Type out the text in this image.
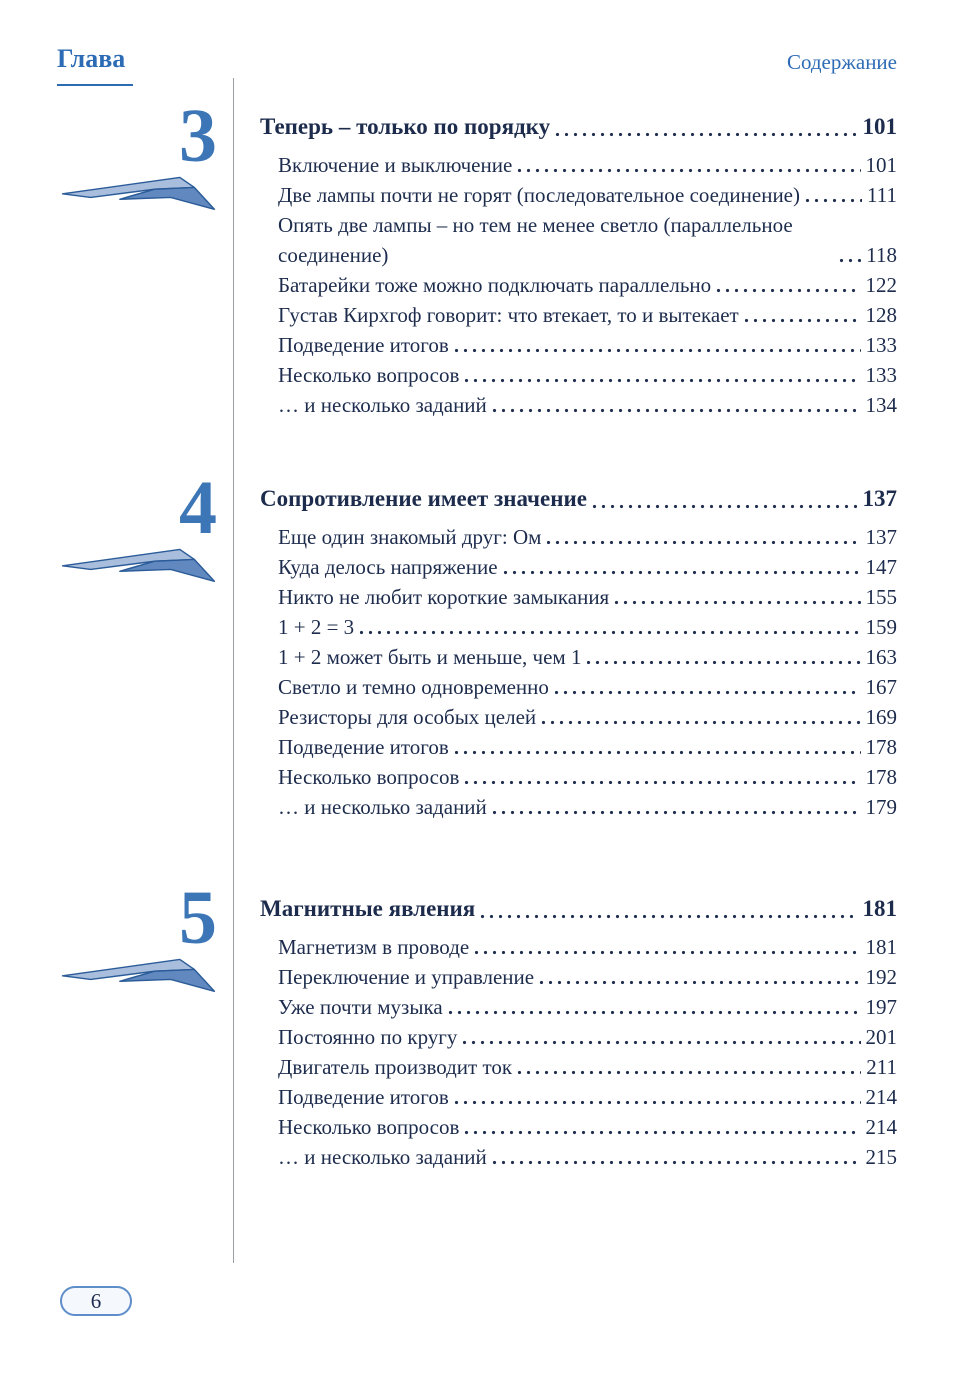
Глава	Содержание
3 Теперь – только по порядку	101
Включение и выключение	101
Две лампы почти не горят (последовательное соединение)	111
Опять две лампы – но тем не менее светло (параллельное соединение)	118
Батарейки тоже можно подключать параллельно	122
Густав Кирхгоф говорит: что втекает, то и вытекает	128
Подведение итогов	133
Несколько вопросов	133
… и несколько заданий	134
4 Сопротивление имеет значение	137
Еще один знакомый друг: Ом	137
Куда делось напряжение	147
Никто не любит короткие замыкания	155
1 + 2 = 3	159
1 + 2 может быть и меньше, чем 1	163
Светло и темно одновременно	167
Резисторы для особых целей	169
Подведение итогов	178
Несколько вопросов	178
… и несколько заданий	179
5 Магнитные явления	181
Магнетизм в проводе	181
Переключение и управление	192
Уже почти музыка	197
Постоянно по кругу	201
Двигатель производит ток	211
Подведение итогов	214
Несколько вопросов	214
… и несколько заданий	215
6
